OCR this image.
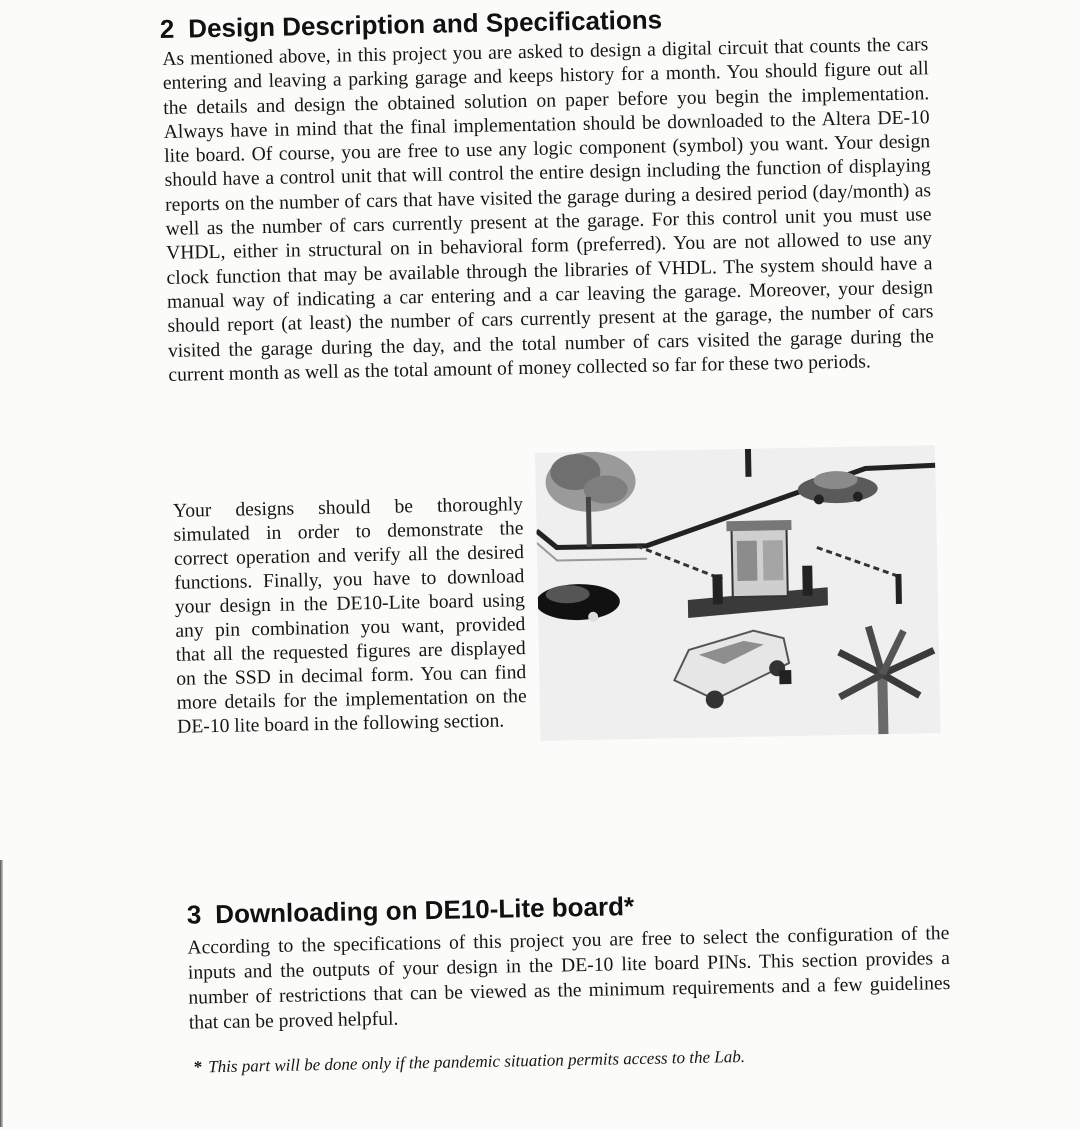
2 Design Description and Specifications

As mentioned above, in this project you are asked to design a digital circuit that counts the cars entering and leaving a parking garage and keeps history for a month. You should figure out all the details and design the obtained solution on paper before you begin the implementation. Always have in mind that the final implementation should be downloaded to the Altera DE-10 lite board. Of course, you are free to use any logic component (symbol) you want. Your design should have a control unit that will control the entire design including the function of displaying reports on the number of cars that have visited the garage during a desired period (day/month) as well as the number of cars currently present at the garage. For this control unit you must use VHDL, either in structural on in behavioral form (preferred). You are not allowed to use any clock function that may be available through the libraries of VHDL. The system should have a manual way of indicating a car entering and a car leaving the garage. Moreover, your design should report (at least) the number of cars currently present at the garage, the number of cars visited the garage during the day, and the total number of cars visited the garage during the current month as well as the total amount of money collected so far for these two periods.

Your designs should be thoroughly simulated in order to demonstrate the correct operation and verify all the desired functions. Finally, you have to download your design in the DE10-Lite board using any pin combination you want, provided that all the requested figures are displayed on the SSD in decimal form. You can find more details for the implementation on the DE-10 lite board in the following section.

3 Downloading on DE10-Lite board*

According to the specifications of this project you are free to select the configuration of the inputs and the outputs of your design in the DE-10 lite board PINs. This section provides a number of restrictions that can be viewed as the minimum requirements and a few guidelines that can be proved helpful.

* This part will be done only if the pandemic situation permits access to the Lab.
